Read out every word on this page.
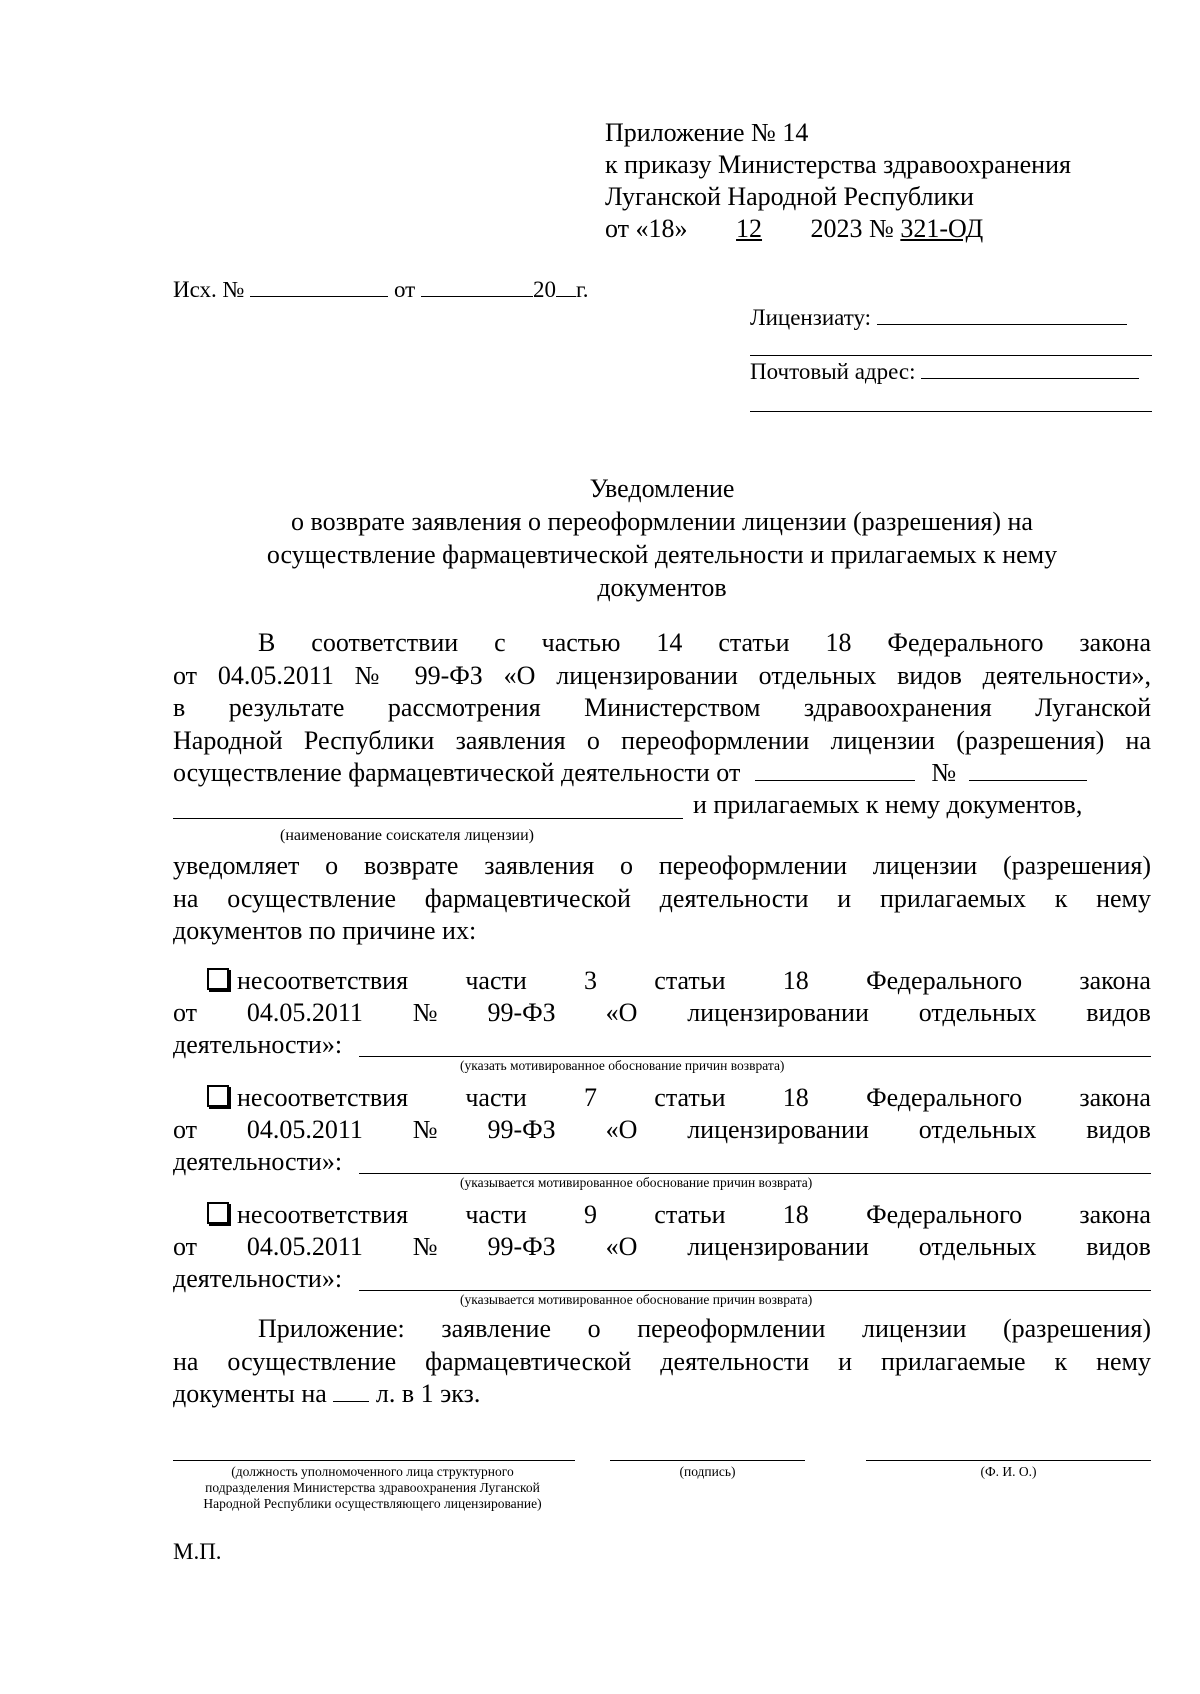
Приложение № 14
к приказу Министерства здравоохранения
Луганской Народной Республики
от «18» 12 2023 № 321-ОД
Исх. №	от	20 г.
Лицензиату:
Почтовый адрес:
Уведомление
о возврате заявления о переоформлении лицензии (разрешения) на
осуществление фармацевтической деятельности и прилагаемых к нему
документов
В соответствии с частью 14 статьи 18 Федерального закона
от 04.05.2011 № 99-ФЗ «О лицензировании отдельных видов деятельности»,
в результате рассмотрения Министерством здравоохранения Луганской
Народной Республики заявления о переоформлении лицензии (разрешения) на
осуществление фармацевтической деятельности от	№
и прилагаемых к нему документов,
(наименование соискателя лицензии)
уведомляет о возврате заявления о переоформлении лицензии (разрешения)
на осуществление фармацевтической деятельности и прилагаемых к нему
документов по причине их:
несоответствия части 3 статьи 18 Федерального закона
от 04.05.2011 № 99-ФЗ «О лицензировании отдельных видов
деятельности»:
(указать мотивированное обоснование причин возврата)
несоответствия части 7 статьи 18 Федерального закона
от 04.05.2011 № 99-ФЗ «О лицензировании отдельных видов
деятельности»:
(указывается мотивированное обоснование причин возврата)
несоответствия части 9 статьи 18 Федерального закона
от 04.05.2011 № 99-ФЗ «О лицензировании отдельных видов
деятельности»:
(указывается мотивированное обоснование причин возврата)
Приложение: заявление о переоформлении лицензии (разрешения)
на осуществление фармацевтической деятельности и прилагаемые к нему
документы на л. в 1 экз.
(должность уполномоченного лица структурного подразделения Министерства здравоохранения Луганской Народной Республики осуществляющего лицензирование)
(подпись)	(Ф. И. О.)
М.П.
